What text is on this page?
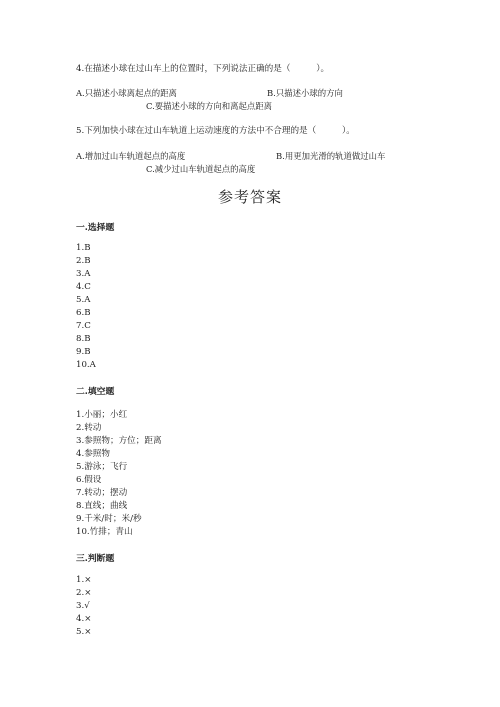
4.在描述小球在过山车上的位置时，下列说法正确的是（　　　）。
A.只描述小球离起点的距离	B.只描述小球的方向
C.要描述小球的方向和离起点距离
5.下列加快小球在过山车轨道上运动速度的方法中不合理的是（　　　）。
A.增加过山车轨道起点的高度	B.用更加光滑的轨道做过山车
C.减少过山车轨道起点的高度
参考答案
一.选择题
1.B
2.B
3.A
4.C
5.A
6.B
7.C
8.B
9.B
10.A
二.填空题
1.小丽；小红
2.转动
3.参照物；方位；距离
4.参照物
5.游泳；飞行
6.假设
7.转动；摆动
8.直线；曲线
9.千米/时；米/秒
10.竹排；青山
三.判断题
1.×
2.×
3.√
4.×
5.×
